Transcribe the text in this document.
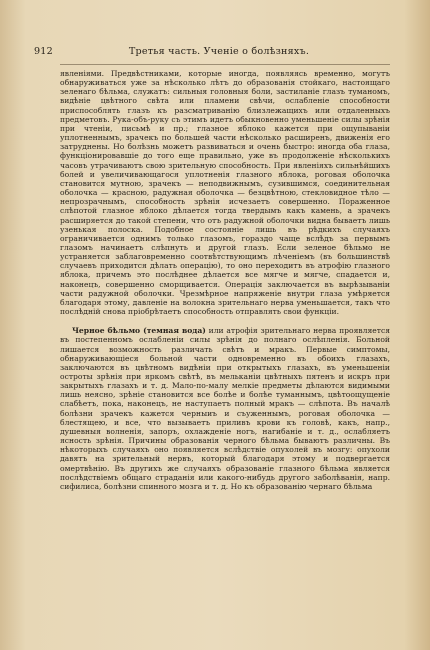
912	Третья часть. Ученіе о болѣзняхъ.

явленіями. Предвѣстниками, которые иногда, появляясь временно, могутъ обнаруживаться уже за нѣсколько лѣтъ до образованія стойкаго, настоящаго зеленаго бѣльма, служатъ: сильныя головныя боли, застиланіе глазъ туманомъ, видѣніе цвѣтного свѣта или пламени свѣчи, ослабленіе способности приспособлять глазъ къ разсматриванію близлежащихъ или отдаленныхъ предметовъ. Рука-объ-руку съ этимъ идетъ обыкновенно уменьшеніе силы зрѣнія при чтеніи, письмѣ и пр.; глазное яблоко кажется при ощупываніи уплотненнымъ, зрачекъ по большей части нѣсколько расширенъ, движенія его затруднены. Но болѣзнь можетъ развиваться и очень быстро: иногда оба глаза, функціонировавшіе до того еще правильно, уже въ продолженіе нѣсколькихъ часовъ утрачиваютъ свою зрительную способность. При явленіяхъ сильнѣйшихъ болей и увеличивающагося уплотненія глазного яблока, роговая оболочка становится мутною, зрачекъ — неподвижнымъ, сузившимся, соединительная оболочка — красною, радужная оболочка — безцвѣтною, стекловидное тѣло — непрозрачнымъ, способность зрѣнія исчезаетъ совершенно. Пораженное слѣпотой глазное яблоко дѣлается тогда твердымъ какъ камень, а зрачекъ расширяется до такой степени, что отъ радужной оболочки видна бываетъ лишь узенькая полоска. Подобное состояніе лишь въ рѣдкихъ случаяхъ ограничивается однимъ только глазомъ, гораздо чаще вслѣдъ за первымъ глазомъ начинаетъ слѣпнуть и другой глазъ. Если зеленое бѣльмо не устраняется заблаговременно соотвѣтствующимъ лѣченіемъ (въ большинствѣ случаевъ приходится дѣлать операцію), то оно переходитъ въ атрофію глазного яблока, причемъ это послѣднее дѣлается все мягче и мягче, спадается и, наконецъ, совершенно сморщивается. Операція заключается въ вырѣзываніи части радужной оболочки. Чрезмѣрное напряженіе внутри глаза умѣряется благодаря этому, давленіе на волокна зрительнаго нерва уменьшается, такъ что послѣдній снова пріобрѣтаетъ способность отправлять свои функціи.

Черное бѣльмо (темная вода) или атрофія зрительнаго нерва проявляется въ постепенномъ ослабленіи силы зрѣнія до полнаго ослѣпленія. Больной лишается возможность различать свѣтъ и мракъ. Первые симптомы, обнаруживающіеся больной части одновременно въ обоихъ глазахъ, заключаются въ цвѣтномъ видѣніи при открытыхъ глазахъ, въ уменьшеніи остроты зрѣнія при яркомъ свѣтѣ, въ мельканіи цвѣтныхъ пятенъ и искръ при закрытыхъ глазахъ и т. д. Мало-по-малу мелкіе предметы дѣлаются видимыми лишь неясно, зрѣніе становится все болѣе и болѣе туманнымъ, цвѣтоощущеніе слабѣетъ, пока, наконецъ, не наступаетъ полный мракъ — слѣпота. Въ началѣ болѣзни зрачекъ кажется черныиъ и съуженнымъ, роговая оболочка — блестящею, и все, что вызываетъ приливъ крови къ головѣ, какъ, напр., душевныя волненія, запоръ, охлажденіе ногъ, нагибаніе и т. д., ослабляетъ ясность зрѣнія. Причины образованія черного бѣльма бываютъ различны. Въ нѣкоторыхъ случаяхъ оно появляется вслѣдствіе опухолей въ мозгу: опухоли давятъ на зрительный нервъ, который благодаря этому и подвергается омертвѣнію. Въ другихъ же случаяхъ образованіе глазного бѣльма является послѣдствіемъ общаго страданія или какого-нибудь другого заболѣванія, напр. сифилиса, болѣзни спинного мозга и т. д. Но къ образованію чернаго бѣльма
